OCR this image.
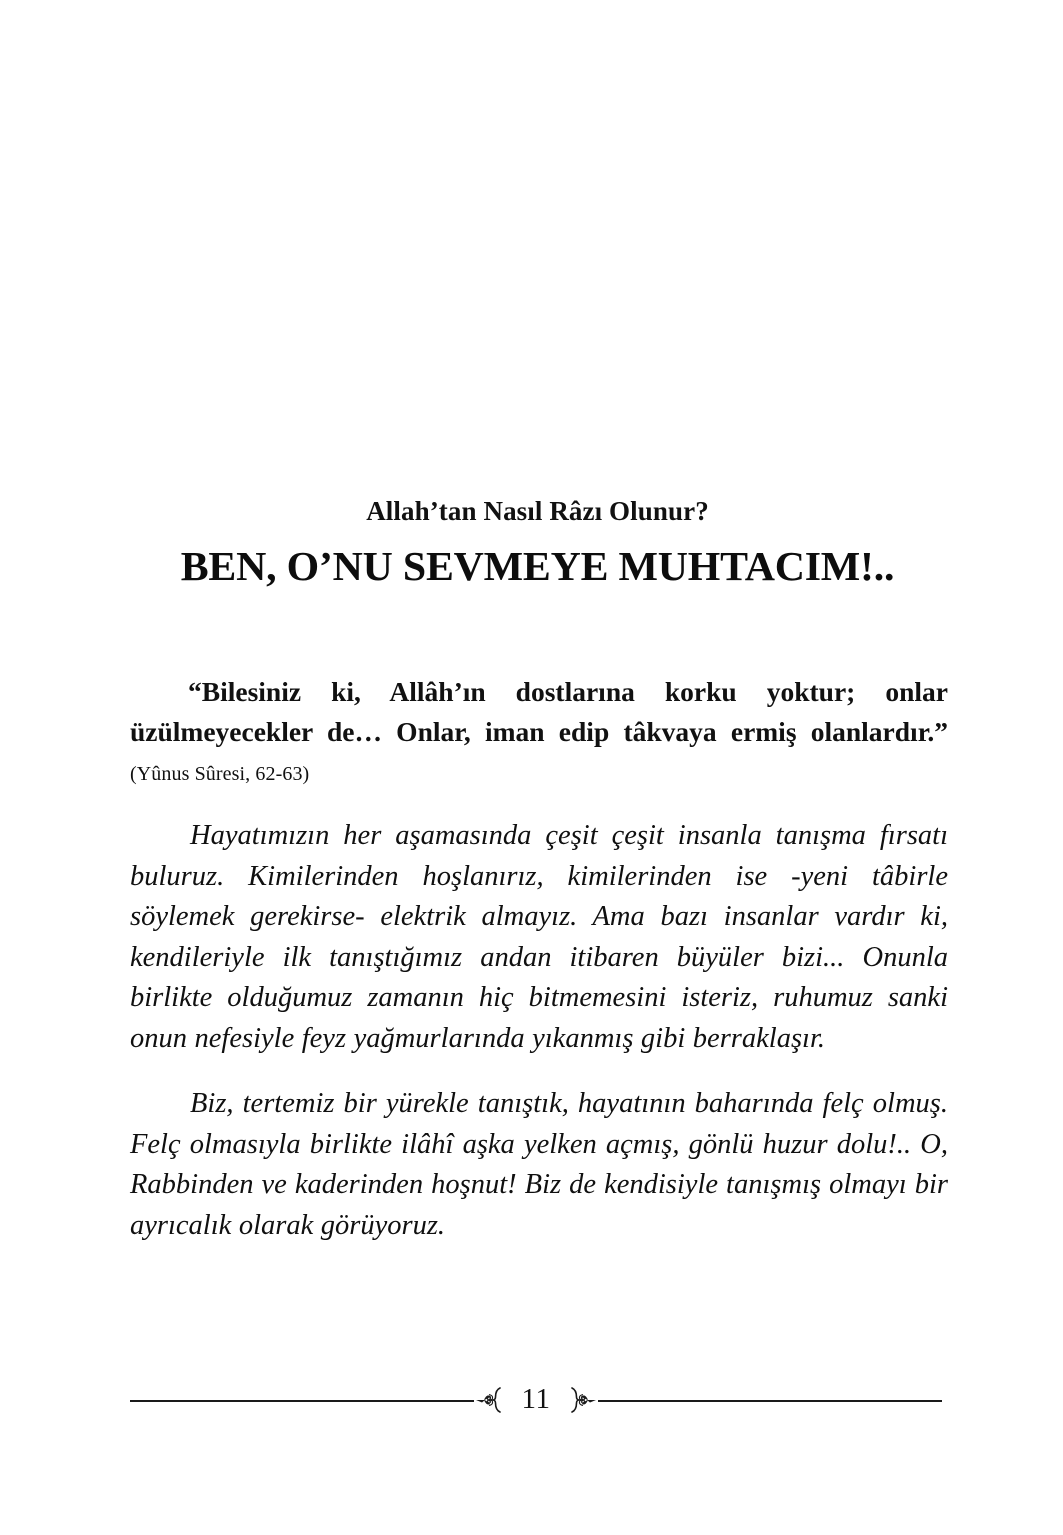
Allah’tan Nasıl Râzı Olunur?
BEN, O’NU SEVMEYE MUHTACIM!..
“Bilesiniz ki, Allâh’ın dostlarına korku yoktur; onlar üzülmeyecekler de… Onlar, iman edip tâkvaya ermiş olanlardır.” (Yûnus Sûresi, 62-63)

Hayatımızın her aşamasında çeşit çeşit insanla tanışma fırsatı buluruz. Kimilerinden hoşlanırız, kimilerinden ise -yeni tâbirle söylemek gerekirse- elektrik almayız. Ama bazı insanlar vardır ki, kendileriyle ilk tanıştığımız andan itibaren büyüler bizi... Onunla birlikte olduğumuz zamanın hiç bitmemesini isteriz, ruhumuz sanki onun nefesiyle feyz yağmurlarında yıkanmış gibi berraklaşır.

Biz, tertemiz bir yürekle tanıştık, hayatının baharında felç olmuş. Felç olmasıyla birlikte ilâhî aşka yelken açmış, gönlü huzur dolu!.. O, Rabbinden ve kaderinden hoşnut! Biz de kendisiyle tanışmış olmayı bir ayrıcalık olarak görüyoruz.

11
